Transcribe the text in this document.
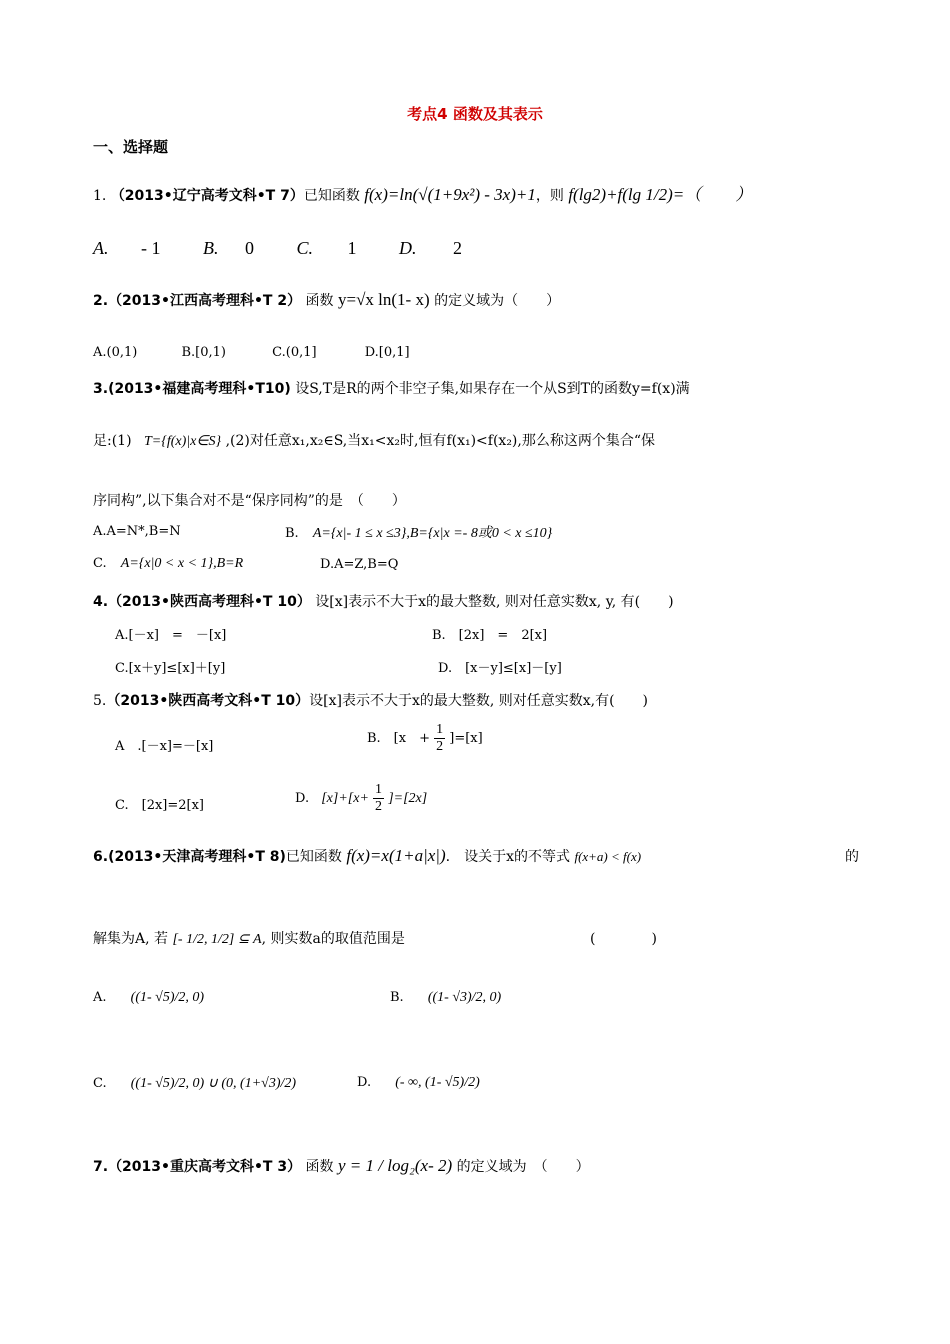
考点4 函数及其表示
一、选择题
1. （2013•辽宁高考文科•T 7）已知函数 f(x)=ln(√(1+9x²) - 3x)+1，则 f(lg2)+f(lg 1/2)=（　　）
A. - 1 B. 0 C. 1 D. 2
2.（2013•江西高考理科•T 2） 函数 y=√x ln(1- x) 的定义域为（　　）
A.(0,1)	B.[0,1)	C.(0,1]	D.[0,1]
3.(2013•福建高考理科•T10) 设S,T是R的两个非空子集,如果存在一个从S到T的函数y=f(x)满
足:(1) T={f(x)|x∈S} ,(2)对任意x₁,x₂∈S,当x₁<x₂时,恒有f(x₁)<f(x₂),那么称这两个集合“保
序同构”,以下集合对不是“保序同构”的是　（　　）
A.A=N*,B=N	B. A={x|- 1 ≤ x ≤3},B={x|x =- 8或0 < x ≤10}
C. A={x|0 < x < 1},B=R	D.A=Z,B=Q
4.（2013•陕西高考理科•T 10） 设[x]表示不大于x的最大整数, 则对任意实数x, y, 有(　　)
A.[－x]　=　－[x]	B.　[2x]　=　2[x]
C.[x＋y]≤[x]＋[y]	D.　[x－y]≤[x]－[y]
5.（2013•陕西高考文科•T 10）设[x]表示不大于x的最大整数, 则对任意实数x,有(　　)
A　.[－x]=－[x]
B.　[x　+ $\frac{1}{2} ]=[x]$
C.　[2x]=2[x]	D. $[x]+[x+ \frac{1}{2} ]=[2x]$
6.(2013•天津高考理科•T 8)已知函数 f(x)=x(1+a|x|).　设关于x的不等式 f(x+a) < f(x)	的
解集为A, 若 [- 1/2, 1/2] ⊆ A, 则实数a的取值范围是	(　　　　)
A. ((1- √5)/2, 0)	B. ((1- √3)/2, 0)
C. ((1- √5)/2, 0) ∪ (0, (1+√3)/2)	D. (- ∞, (1- √5)/2)
7.（2013•重庆高考文科•T 3） 函数 y = 1 / log₂(x- 2) 的定义域为　（　　）
